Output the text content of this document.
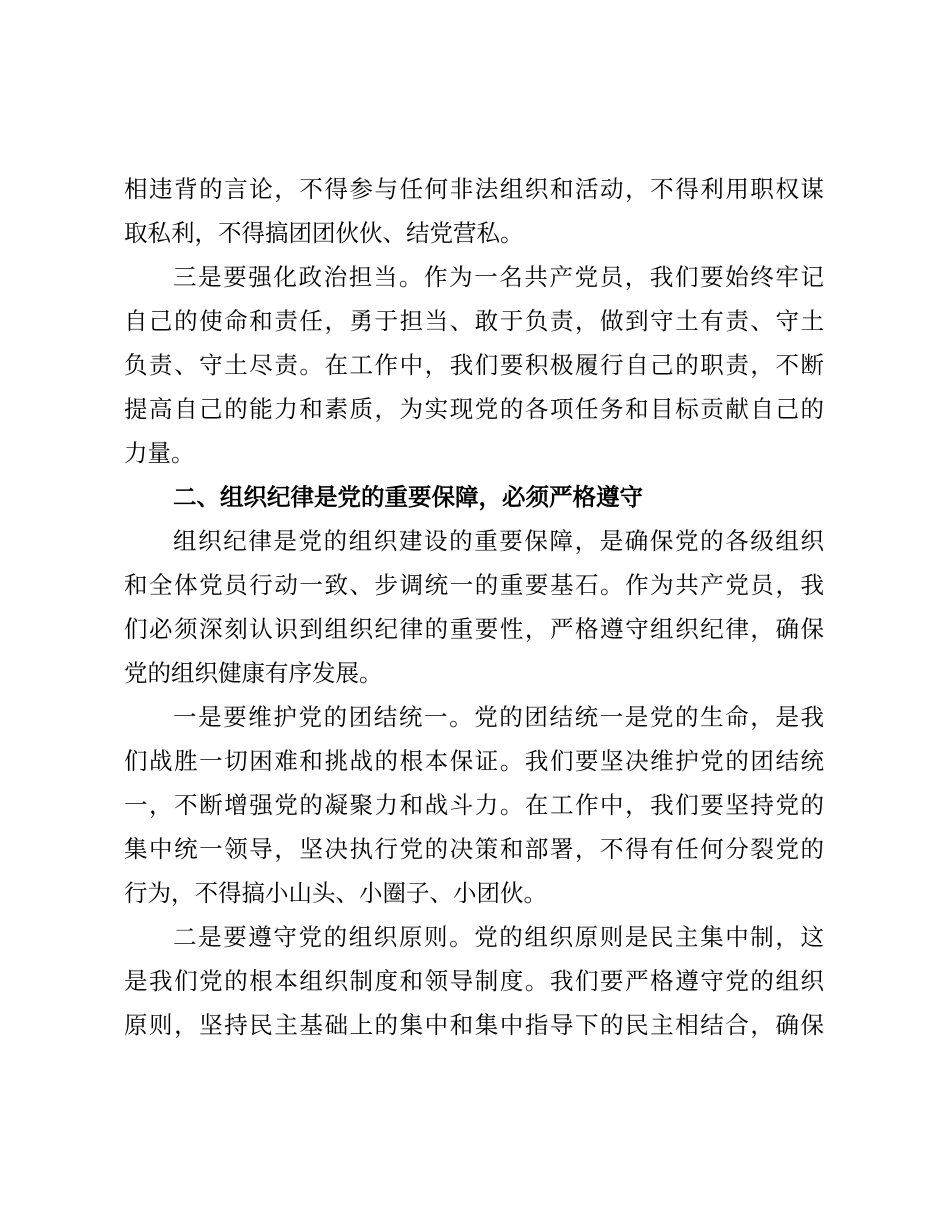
相违背的言论，不得参与任何非法组织和活动，不得利用职权谋
取私利，不得搞团团伙伙、结党营私。
三是要强化政治担当。作为一名共产党员，我们要始终牢记
自己的使命和责任，勇于担当、敢于负责，做到守土有责、守土
负责、守土尽责。在工作中，我们要积极履行自己的职责，不断
提高自己的能力和素质，为实现党的各项任务和目标贡献自己的
力量。
二、组织纪律是党的重要保障，必须严格遵守
组织纪律是党的组织建设的重要保障，是确保党的各级组织
和全体党员行动一致、步调统一的重要基石。作为共产党员，我
们必须深刻认识到组织纪律的重要性，严格遵守组织纪律，确保
党的组织健康有序发展。
一是要维护党的团结统一。党的团结统一是党的生命，是我
们战胜一切困难和挑战的根本保证。我们要坚决维护党的团结统
一，不断增强党的凝聚力和战斗力。在工作中，我们要坚持党的
集中统一领导，坚决执行党的决策和部署，不得有任何分裂党的
行为，不得搞小山头、小圈子、小团伙。
二是要遵守党的组织原则。党的组织原则是民主集中制，这
是我们党的根本组织制度和领导制度。我们要严格遵守党的组织
原则，坚持民主基础上的集中和集中指导下的民主相结合，确保
